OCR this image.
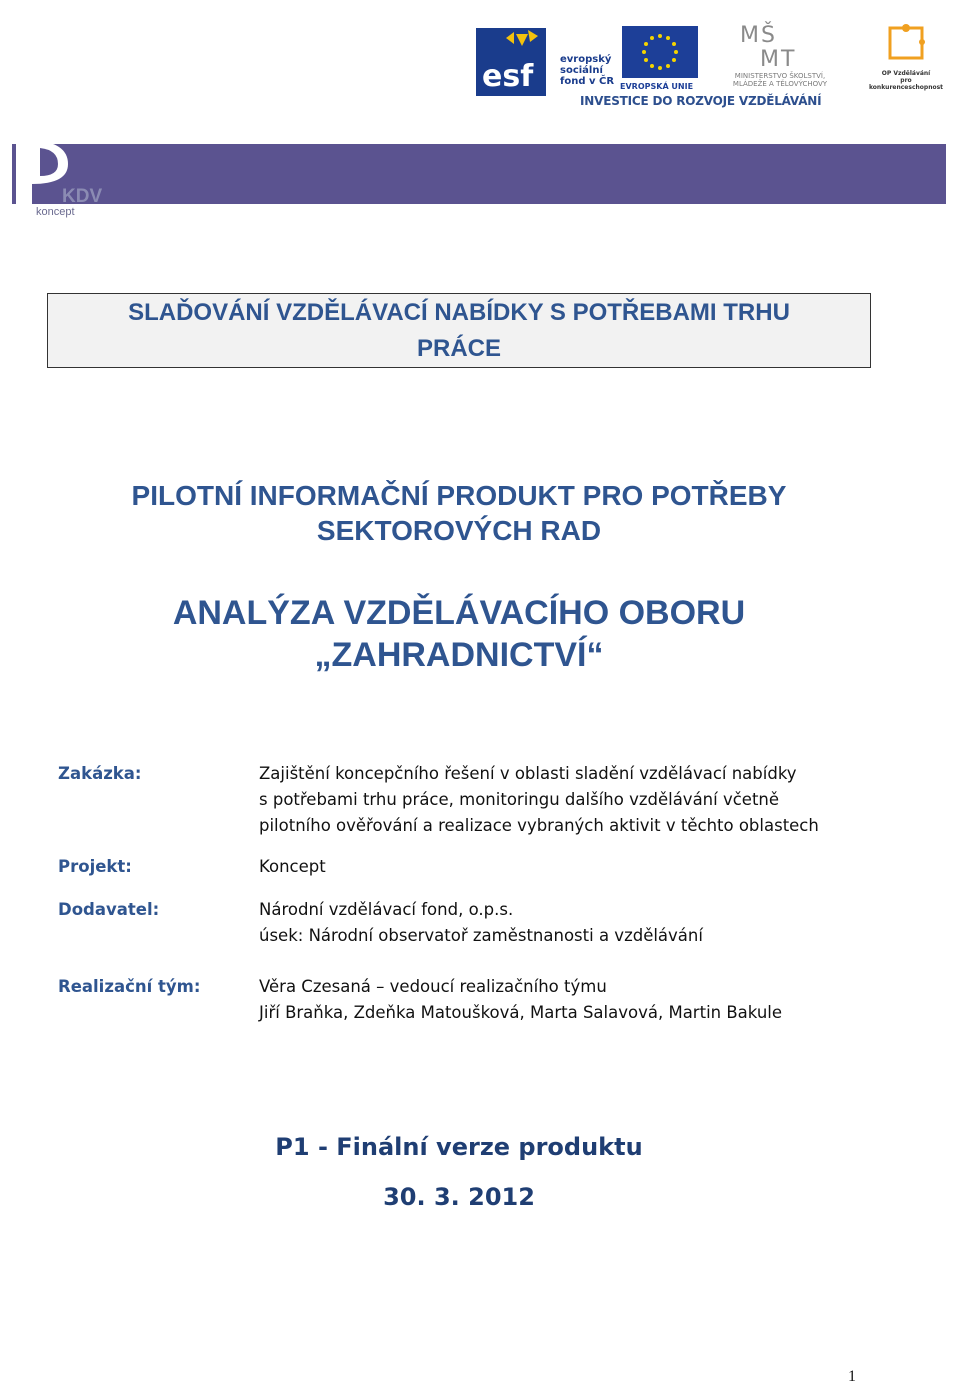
esf	evropský
sociální
fond v ČR EVROPSKÁ UNIE
MŠ
MT
MINISTERSTVO ŠKOLSTVÍ,
MLÁDEŽE A TĚLOVÝCHOVY
OP Vzdělávání
pro konkurenceschopnost
INVESTICE DO ROZVOJE VZDĚLÁVÁNÍ
KDV
koncept
SLAĎOVÁNÍ VZDĚLÁVACÍ NABÍDKY S POTŘEBAMI TRHU
PRÁCE
PILOTNÍ INFORMAČNÍ PRODUKT PRO POTŘEBY
SEKTOROVÝCH RAD
ANALÝZA VZDĚLÁVACÍHO OBORU
„ZAHRADNICTVÍ“
Zakázka:	Zajištění koncepčního řešení v oblasti sladění vzdělávací nabídky
s potřebami trhu práce, monitoringu dalšího vzdělávání včetně
pilotního ověřování a realizace vybraných aktivit v těchto oblastech
Projekt:	Koncept
Dodavatel:	Národní vzdělávací fond, o.p.s.
úsek: Národní observatoř zaměstnanosti a vzdělávání
Realizační tým:	Věra Czesaná – vedoucí realizačního týmu
Jiří Braňka, Zdeňka Matoušková, Marta Salavová, Martin Bakule
P1 - Finální verze produktu
30. 3. 2012
1
